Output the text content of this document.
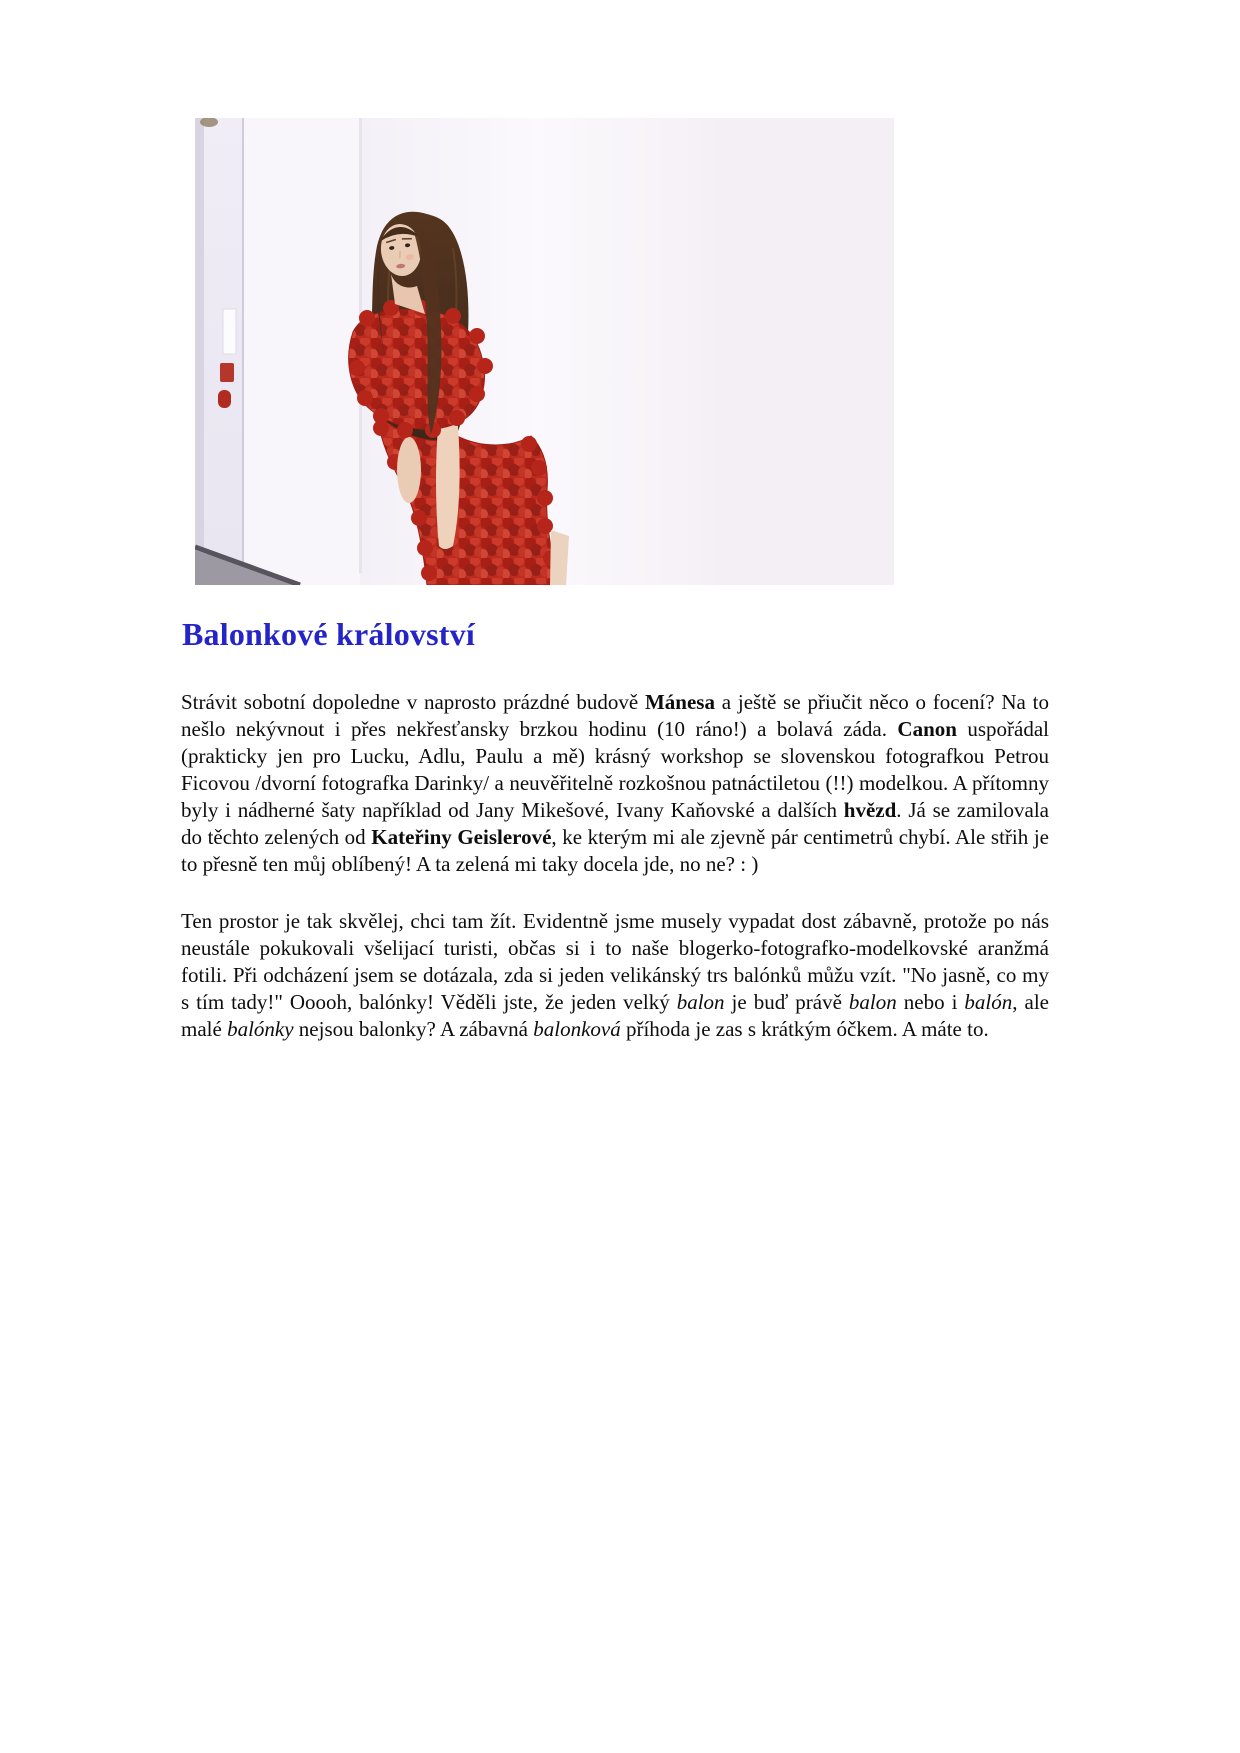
Balonkové království

Strávit sobotní dopoledne v naprosto prázdné budově Mánesa a ještě se přiučit něco o focení? Na to nešlo nekývnout i přes nekřesťansky brzkou hodinu (10 ráno!) a bolavá záda. Canon uspořádal (prakticky jen pro Lucku, Adlu, Paulu a mě) krásný workshop se slovenskou fotografkou Petrou Ficovou /dvorní fotografka Darinky/ a neuvěřitelně rozkošnou patnáctiletou (!!) modelkou. A přítomny byly i nádherné šaty například od Jany Mikešové, Ivany Kaňovské a dalších hvězd. Já se zamilovala do těchto zelených od Kateřiny Geislerové, ke kterým mi ale zjevně pár centimetrů chybí. Ale střih je to přesně ten můj oblíbený! A ta zelená mi taky docela jde, no ne? : )

Ten prostor je tak skvělej, chci tam žít. Evidentně jsme musely vypadat dost zábavně, protože po nás neustále pokukovali všelijací turisti, občas si i to naše blogerko-fotografko-modelkovské aranžmá fotili. Při odcházení jsem se dotázala, zda si jeden velikánský trs balónků můžu vzít. "No jasně, co my s tím tady!" Ooooh, balónky! Věděli jste, že jeden velký balon je buď právě balon nebo i balón, ale malé balónky nejsou balonky? A zábavná balonková příhoda je zas s krátkým óčkem. A máte to.
